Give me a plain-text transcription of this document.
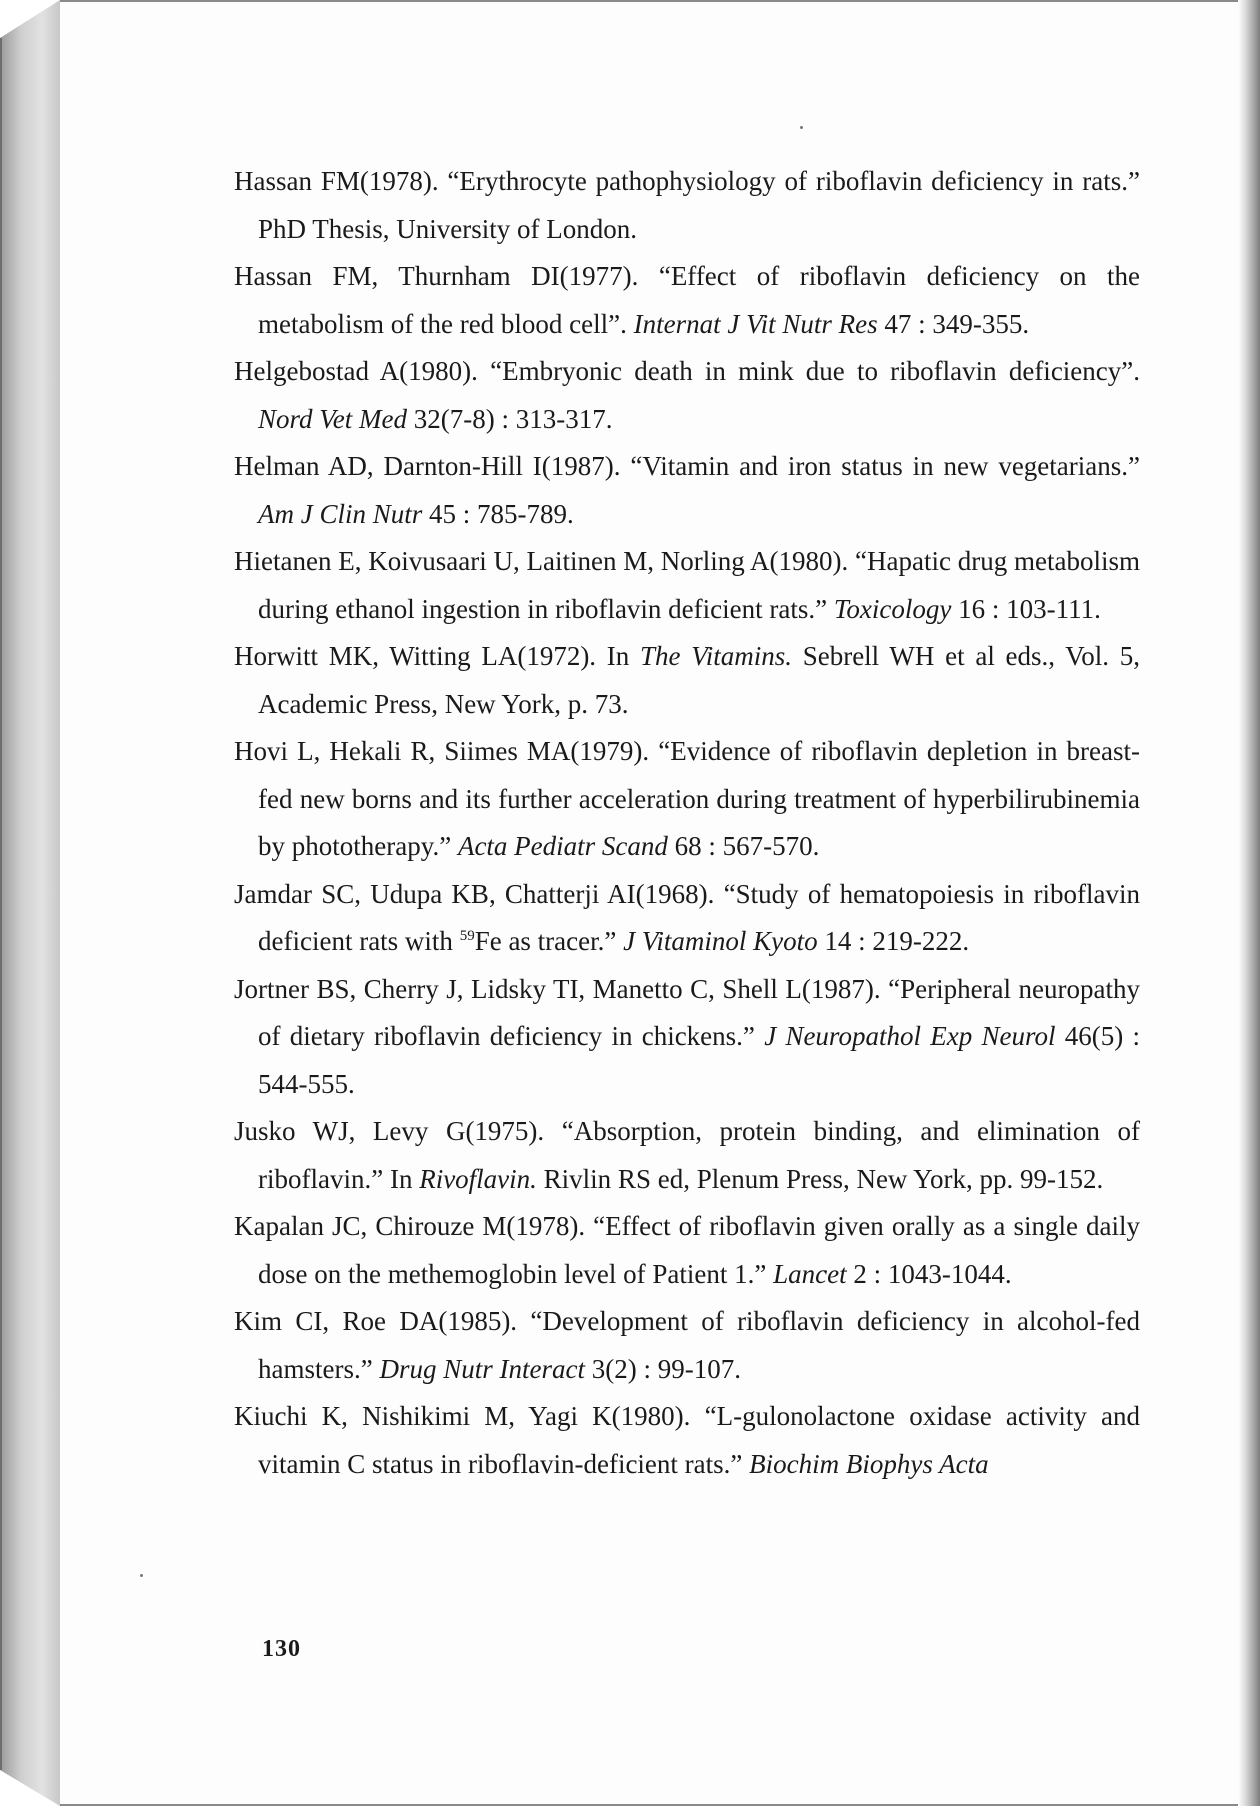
Hassan FM(1978). “Erythrocyte pathophysiology of riboflavin deficiency in rats.” PhD Thesis, University of London.

Hassan FM, Thurnham DI(1977). “Effect of riboflavin deficiency on the metabolism of the red blood cell”. Internat J Vit Nutr Res 47 : 349-355.

Helgebostad A(1980). “Embryonic death in mink due to riboflavin deficiency”. Nord Vet Med 32(7-8) : 313-317.

Helman AD, Darnton-Hill I(1987). “Vitamin and iron status in new vegetarians.” Am J Clin Nutr 45 : 785-789.

Hietanen E, Koivusaari U, Laitinen M, Norling A(1980). “Hapatic drug metabolism during ethanol ingestion in riboflavin deficient rats.” Toxicology 16 : 103-111.

Horwitt MK, Witting LA(1972). In The Vitamins. Sebrell WH et al eds., Vol. 5, Academic Press, New York, p. 73.

Hovi L, Hekali R, Siimes MA(1979). “Evidence of riboflavin depletion in breast-fed new borns and its further acceleration during treatment of hyperbilirubinemia by phototherapy.” Acta Pediatr Scand 68 : 567-570.

Jamdar SC, Udupa KB, Chatterji AI(1968). “Study of hematopoiesis in riboflavin deficient rats with $^{59}$Fe as tracer.” J Vitaminol Kyoto 14 : 219-222.

Jortner BS, Cherry J, Lidsky TI, Manetto C, Shell L(1987). “Peripheral neuropathy of dietary riboflavin deficiency in chickens.” J Neuropathol Exp Neurol 46(5) : 544-555.

Jusko WJ, Levy G(1975). “Absorption, protein binding, and elimination of riboflavin.” In Rivoflavin. Rivlin RS ed, Plenum Press, New York, pp. 99-152.

Kapalan JC, Chirouze M(1978). “Effect of riboflavin given orally as a single daily dose on the methemoglobin level of Patient 1.” Lancet 2 : 1043-1044.

Kim CI, Roe DA(1985). “Development of riboflavin deficiency in alcohol-fed hamsters.” Drug Nutr Interact 3(2) : 99-107.

Kiuchi K, Nishikimi M, Yagi K(1980). “L-gulonolactone oxidase activity and vitamin C status in riboflavin-deficient rats.” Biochim Biophys Acta

130
